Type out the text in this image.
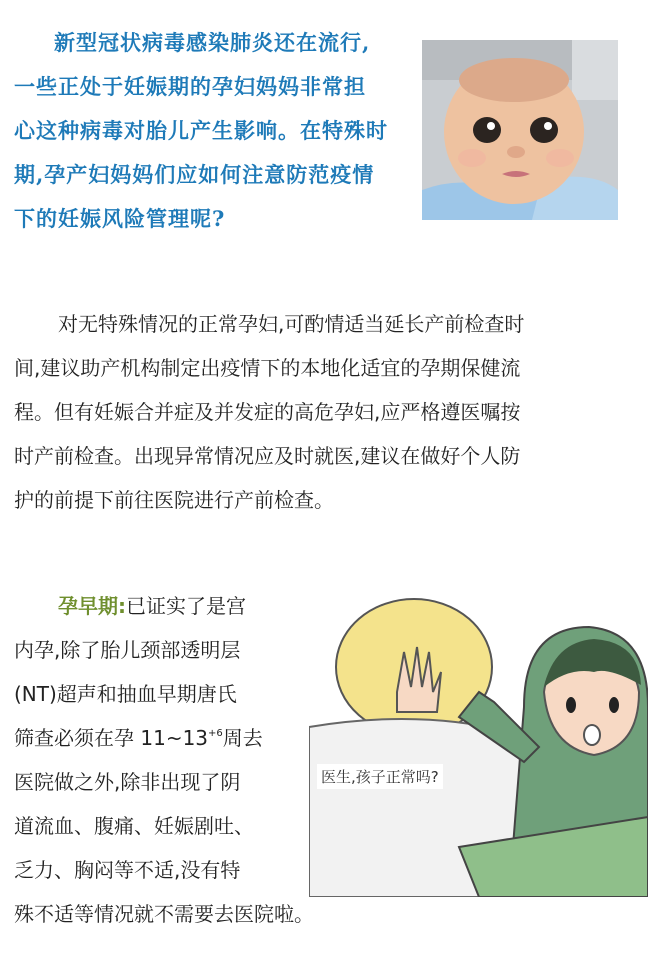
新型冠状病毒感染肺炎还在流行,
一些正处于妊娠期的孕妇妈妈非常担
心这种病毒对胎儿产生影响。在特殊时
期,孕产妇妈妈们应如何注意防范疫情
下的妊娠风险管理呢?
对无特殊情况的正常孕妇,可酌情适当延长产前检查时
间,建议助产机构制定出疫情下的本地化适宜的孕期保健流
程。但有妊娠合并症及并发症的高危孕妇,应严格遵医嘱按
时产前检查。出现异常情况应及时就医,建议在做好个人防
护的前提下前往医院进行产前检查。
孕早期:已证实了是宫
内孕,除了胎儿颈部透明层
(NT)超声和抽血早期唐氏
筛查必须在孕 $11\sim 13^{+6}$周去
医院做之外,除非出现了阴
道流血、腹痛、妊娠剧吐、
乏力、胸闷等不适,没有特
殊不适等情况就不需要去医院啦。
医生,孩子正常吗?
